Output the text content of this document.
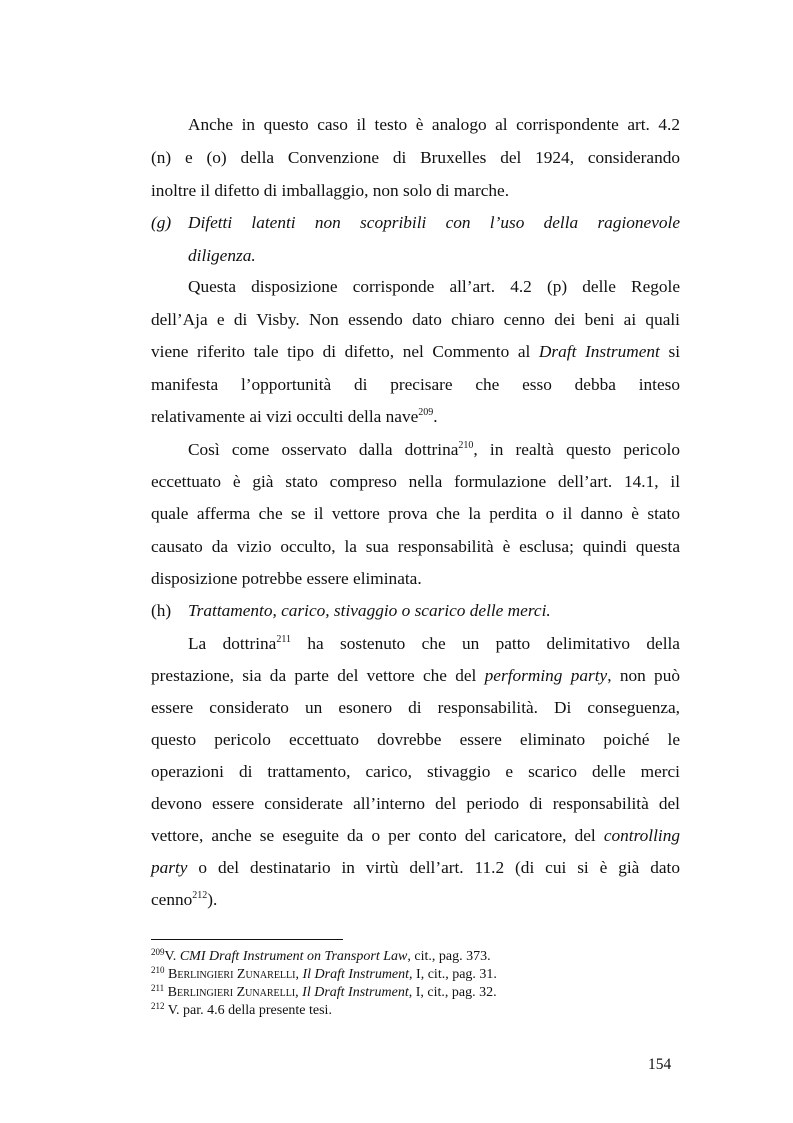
Anche in questo caso il testo è analogo al corrispondente art. 4.2
(n) e (o) della Convenzione di Bruxelles del 1924, considerando
inoltre il difetto di imballaggio, non solo di marche.
(g) Difetti latenti non scopribili con l’uso della ragionevole
diligenza.
Questa disposizione corrisponde all’art. 4.2 (p) delle Regole
dell’Aja e di Visby. Non essendo dato chiaro cenno dei beni ai quali
viene riferito tale tipo di difetto, nel Commento al Draft Instrument si
manifesta l’opportunità di precisare che esso debba inteso
relativamente ai vizi occulti della nave$^{209}$.
Così come osservato dalla dottrina$^{210}$, in realtà questo pericolo
eccettuato è già stato compreso nella formulazione dell’art. 14.1, il
quale afferma che se il vettore prova che la perdita o il danno è stato
causato da vizio occulto, la sua responsabilità è esclusa; quindi questa
disposizione potrebbe essere eliminata.
(h) Trattamento, carico, stivaggio o scarico delle merci.
La dottrina$^{211}$ ha sostenuto che un patto delimitativo della
prestazione, sia da parte del vettore che del performing party, non può
essere considerato un esonero di responsabilità. Di conseguenza,
questo pericolo eccettuato dovrebbe essere eliminato poiché le
operazioni di trattamento, carico, stivaggio e scarico delle merci
devono essere considerate all’interno del periodo di responsabilità del
vettore, anche se eseguite da o per conto del caricatore, del controlling
party o del destinatario in virtù dell’art. 11.2 (di cui si è già dato
cenno$^{212}$).
$^{209}$V. CMI Draft Instrument on Transport Law, cit., pag. 373.
$^{210}$ Berlingieri Zunarelli, Il Draft Instrument, I, cit., pag. 31.
$^{211}$ Berlingieri Zunarelli, Il Draft Instrument, I, cit., pag. 32.
$^{212}$ V. par. 4.6 della presente tesi.
154
